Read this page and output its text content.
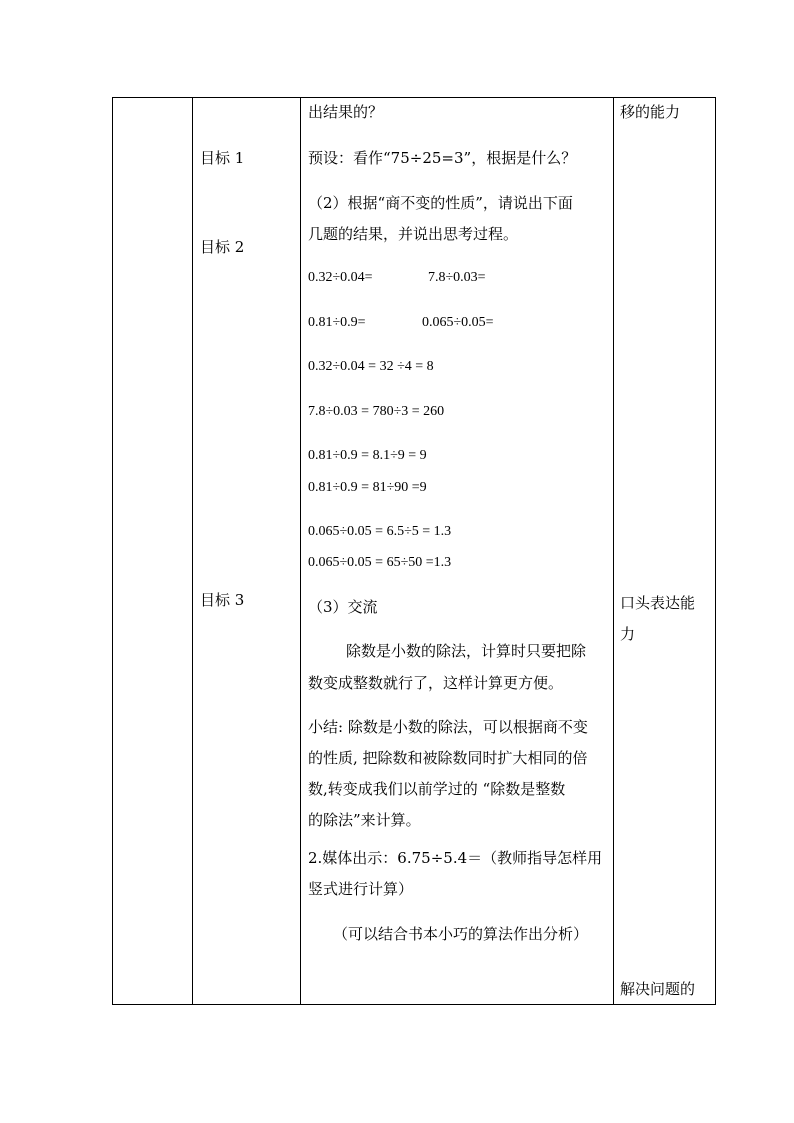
目标 1
目标 2
目标 3
出结果的？
预设：看作“75÷25=3”，根据是什么？
（2）根据“商不变的性质”，请说出下面
几题的结果，并说出思考过程。
0.32÷0.04=	7.8÷0.03=
0.81÷0.9=	0.065÷0.05=
0.32÷0.04 = 32 ÷4 = 8
7.8÷0.03 = 780÷3 = 260
0.81÷0.9 = 8.1÷9 = 9
0.81÷0.9 = 81÷90 =9
0.065÷0.05 = 6.5÷5 = 1.3
0.065÷0.05 = 65÷50 =1.3
（3）交流
除数是小数的除法，计算时只要把除
数变成整数就行了，这样计算更方便。
小结: 除数是小数的除法，可以根据商不变
的性质, 把除数和被除数同时扩大相同的倍
数,转变成我们以前学过的 “除数是整数
的除法”来计算。
2.媒体出示：6.75÷5.4＝（教师指导怎样用
竖式进行计算）
（可以结合书本小巧的算法作出分析）
移的能力
口头表达能
力
解决问题的
